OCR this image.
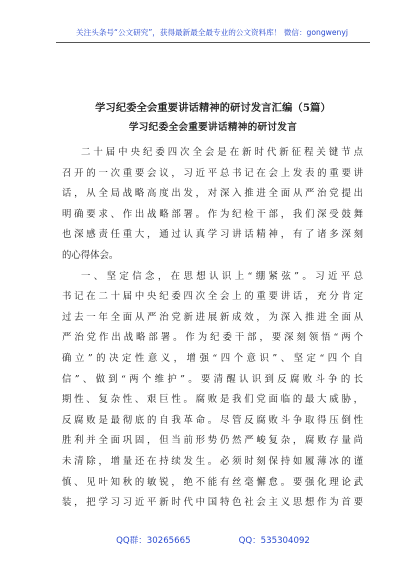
关注头条号“公文研究”，获得最新最全最专业的公文资料库！ 微信：gongwenyj
学习纪委全会重要讲话精神的研讨发言汇编（5篇）
学习纪委全会重要讲话精神的研讨发言
二十届中央纪委四次全会是在新时代新征程关键节点
召开的一次重要会议，习近平总书记在会上发表的重要讲
话，从全局战略高度出发，对深入推进全面从严治党提出
明确要求、作出战略部署。作为纪检干部，我们深受鼓舞
也深感责任重大，通过认真学习讲话精神，有了诸多深刻
的心得体会。
一、坚定信念，在思想认识上“绷紧弦”。习近平总
书记在二十届中央纪委四次全会上的重要讲话，充分肯定
过去一年全面从严治党新进展新成效，为深入推进全面从
严治党作出战略部署。作为纪委干部，要深刻领悟“两个
确立”的决定性意义，增强“四个意识”、坚定“四个自
信”、做到“两个维护”。要清醒认识到反腐败斗争的长
期性、复杂性、艰巨性。腐败是我们党面临的最大威胁，
反腐败是最彻底的自我革命。尽管反腐败斗争取得压倒性
胜利并全面巩固，但当前形势仍然严峻复杂，腐败存量尚
未清除，增量还在持续发生。必须时刻保持如履薄冰的谨
慎、见叶知秋的敏锐，绝不能有丝毫懈怠。要强化理论武
装，把学习习近平新时代中国特色社会主义思想作为首要
QQ群：30265665	QQ：535304092
